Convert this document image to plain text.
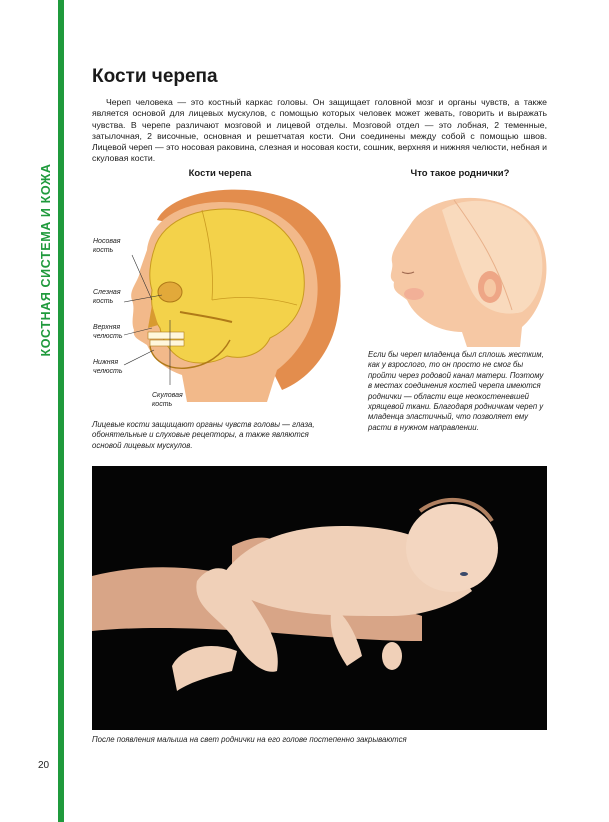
КОСТНАЯ СИСТЕМА И КОЖА
20
Кости черепа

Череп человека — это костный каркас головы. Он защищает головной мозг и органы чувств, а также является основой для лицевых мускулов, с помощью которых человек может жевать, говорить и выражать чувства. В черепе различают мозговой и лицевой отделы. Мозговой отдел — это лобная, 2 теменные, затылочная, 2 височные, основная и решетчатая кости. Они соединены между собой с помощью швов. Лицевой череп — это носовая раковина, слезная и носовая кости, сошник, верхняя и нижняя челюсти, небная и скуловая кости.

Кости черепа	Что такое роднички?
Носовая кость
Слезная кость
Верхняя челюсть
Нижняя челюсть
Скуловая кость

Лицевые кости защищают органы чувств головы — глаза, обонятельные и слуховые рецепторы, а также являются основой лицевых мускулов.

Если бы череп младенца был сплошь жестким, как у взрослого, то он просто не смог бы пройти через родовой канал матери. Поэтому в местах соединения костей черепа имеются роднички — области еще неокостеневшей хрящевой ткани. Благодаря родничкам череп у младенца эластичный, что позволяет ему расти в нужном направлении.

После появления малыша на свет роднички на его голове постепенно закрываются
